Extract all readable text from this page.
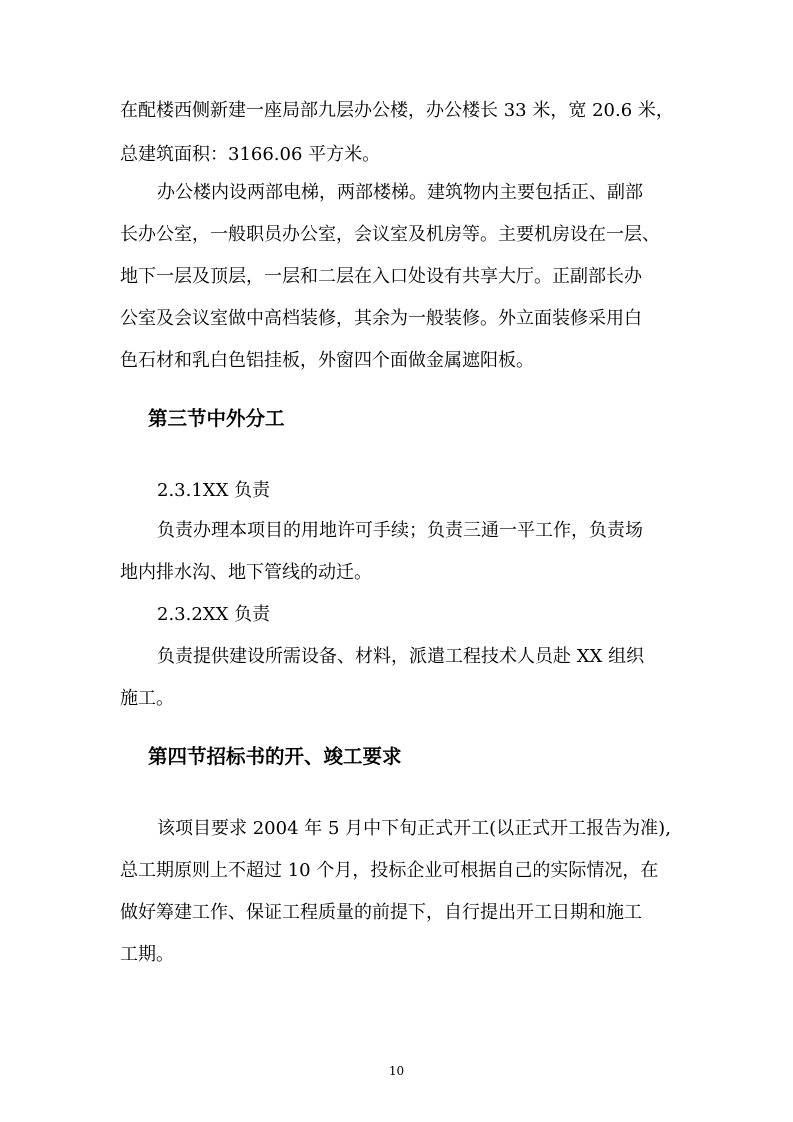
在配楼西侧新建一座局部九层办公楼，办公楼长 33 米，宽 20.6 米，
总建筑面积：3166.06 平方米。
办公楼内设两部电梯，两部楼梯。建筑物内主要包括正、副部
长办公室，一般职员办公室，会议室及机房等。主要机房设在一层、
地下一层及顶层，一层和二层在入口处设有共享大厅。正副部长办
公室及会议室做中高档装修，其余为一般装修。外立面装修采用白
色石材和乳白色铝挂板，外窗四个面做金属遮阳板。
第三节中外分工
2.3.1XX 负责
负责办理本项目的用地许可手续；负责三通一平工作，负责场
地内排水沟、地下管线的动迁。
2.3.2XX 负责
负责提供建设所需设备、材料，派遣工程技术人员赴 XX 组织
施工。
第四节招标书的开、竣工要求
该项目要求 2004 年 5 月中下旬正式开工(以正式开工报告为准),
总工期原则上不超过 10 个月，投标企业可根据自己的实际情况，在
做好筹建工作、保证工程质量的前提下，自行提出开工日期和施工
工期。
10
